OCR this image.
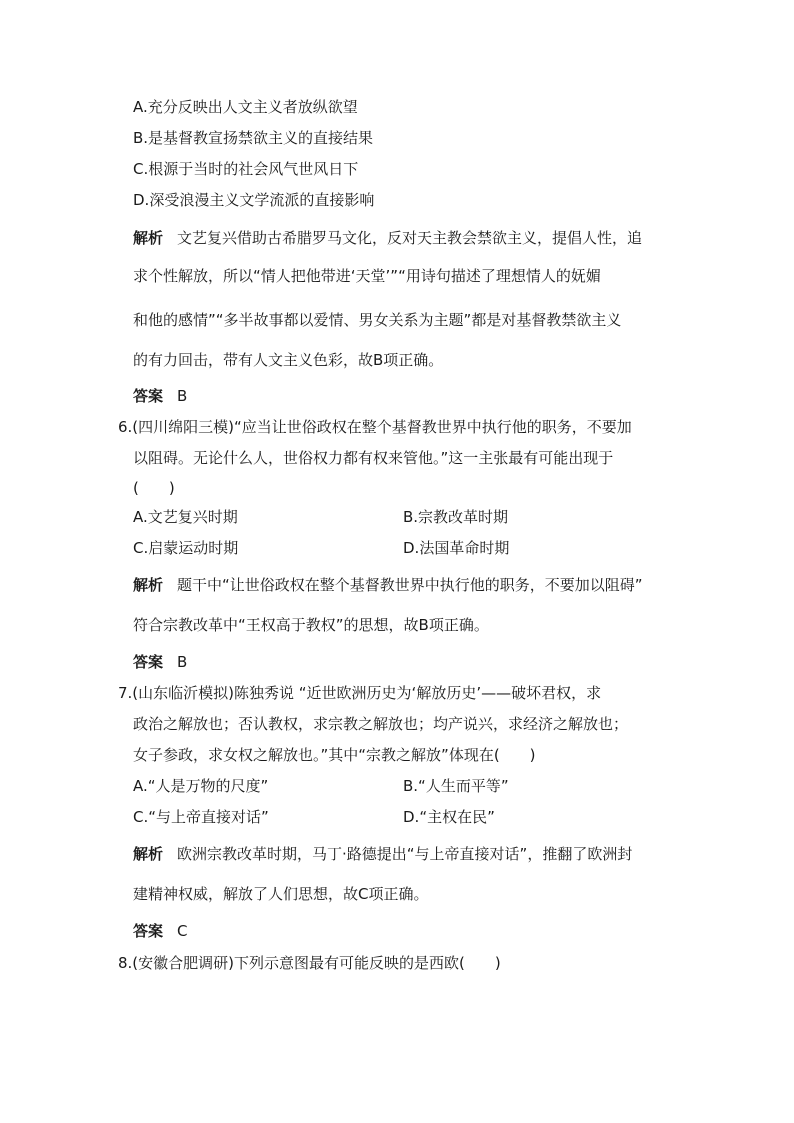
A.充分反映出人文主义者放纵欲望
B.是基督教宣扬禁欲主义的直接结果
C.根源于当时的社会风气世风日下
D.深受浪漫主义文学流派的直接影响
解析 文艺复兴借助古希腊罗马文化，反对天主教会禁欲主义，提倡人性，追
求个性解放，所以“情人把他带进‘天堂’”“用诗句描述了理想情人的妩媚
和他的感情”“多半故事都以爱情、男女关系为主题”都是对基督教禁欲主义
的有力回击，带有人文主义色彩，故B项正确。
答案 B
6.(四川绵阳三模)“应当让世俗政权在整个基督教世界中执行他的职务，不要加
以阻碍。无论什么人，世俗权力都有权来管他。”这一主张最有可能出现于
(　　)
A.文艺复兴时期	B.宗教改革时期
C.启蒙运动时期	D.法国革命时期
解析 题干中“让世俗政权在整个基督教世界中执行他的职务，不要加以阻碍”
符合宗教改革中“王权高于教权”的思想，故B项正确。
答案 B
7.(山东临沂模拟)陈独秀说 “近世欧洲历史为‘解放历史’——破坏君权，求
政治之解放也；否认教权，求宗教之解放也；均产说兴，求经济之解放也；
女子参政，求女权之解放也。”其中“宗教之解放”体现在(　　)
A.“人是万物的尺度”	B.“人生而平等”
C.“与上帝直接对话”	D.“主权在民”
解析 欧洲宗教改革时期，马丁·路德提出“与上帝直接对话”，推翻了欧洲封
建精神权威，解放了人们思想，故C项正确。
答案 C
8.(安徽合肥调研)下列示意图最有可能反映的是西欧(　　)
